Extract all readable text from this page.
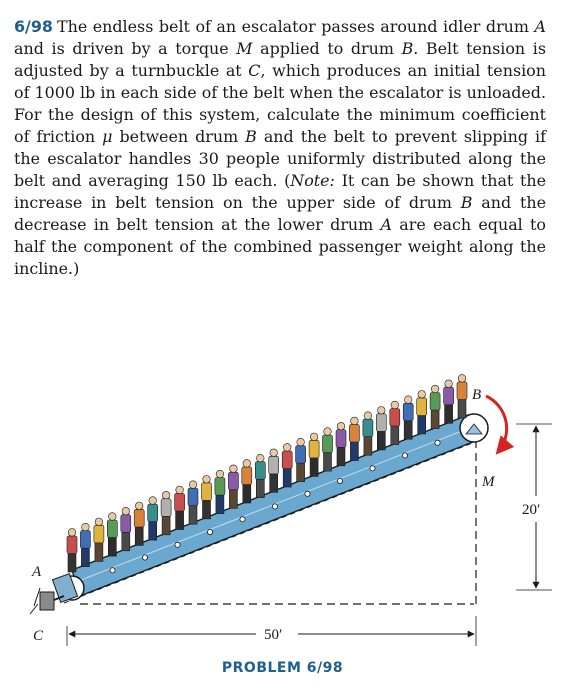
6/98 The endless belt of an escalator passes around idler drum A and is driven by a torque M applied to drum B. Belt tension is adjusted by a turnbuckle at C, which produces an initial tension of 1000 lb in each side of the belt when the escalator is unloaded. For the design of this system, calculate the minimum coefficient of friction μ between drum B and the belt to prevent slipping if the escalator handles 30 people uniformly distributed along the belt and averaging 150 lb each. (Note: It can be shown that the increase in belt tension on the upper side of drum B and the decrease in belt tension at the lower drum A are each equal to half the component of the combined passenger weight along the incline.)
A
B
M
C
20′
50′
PROBLEM 6/98
